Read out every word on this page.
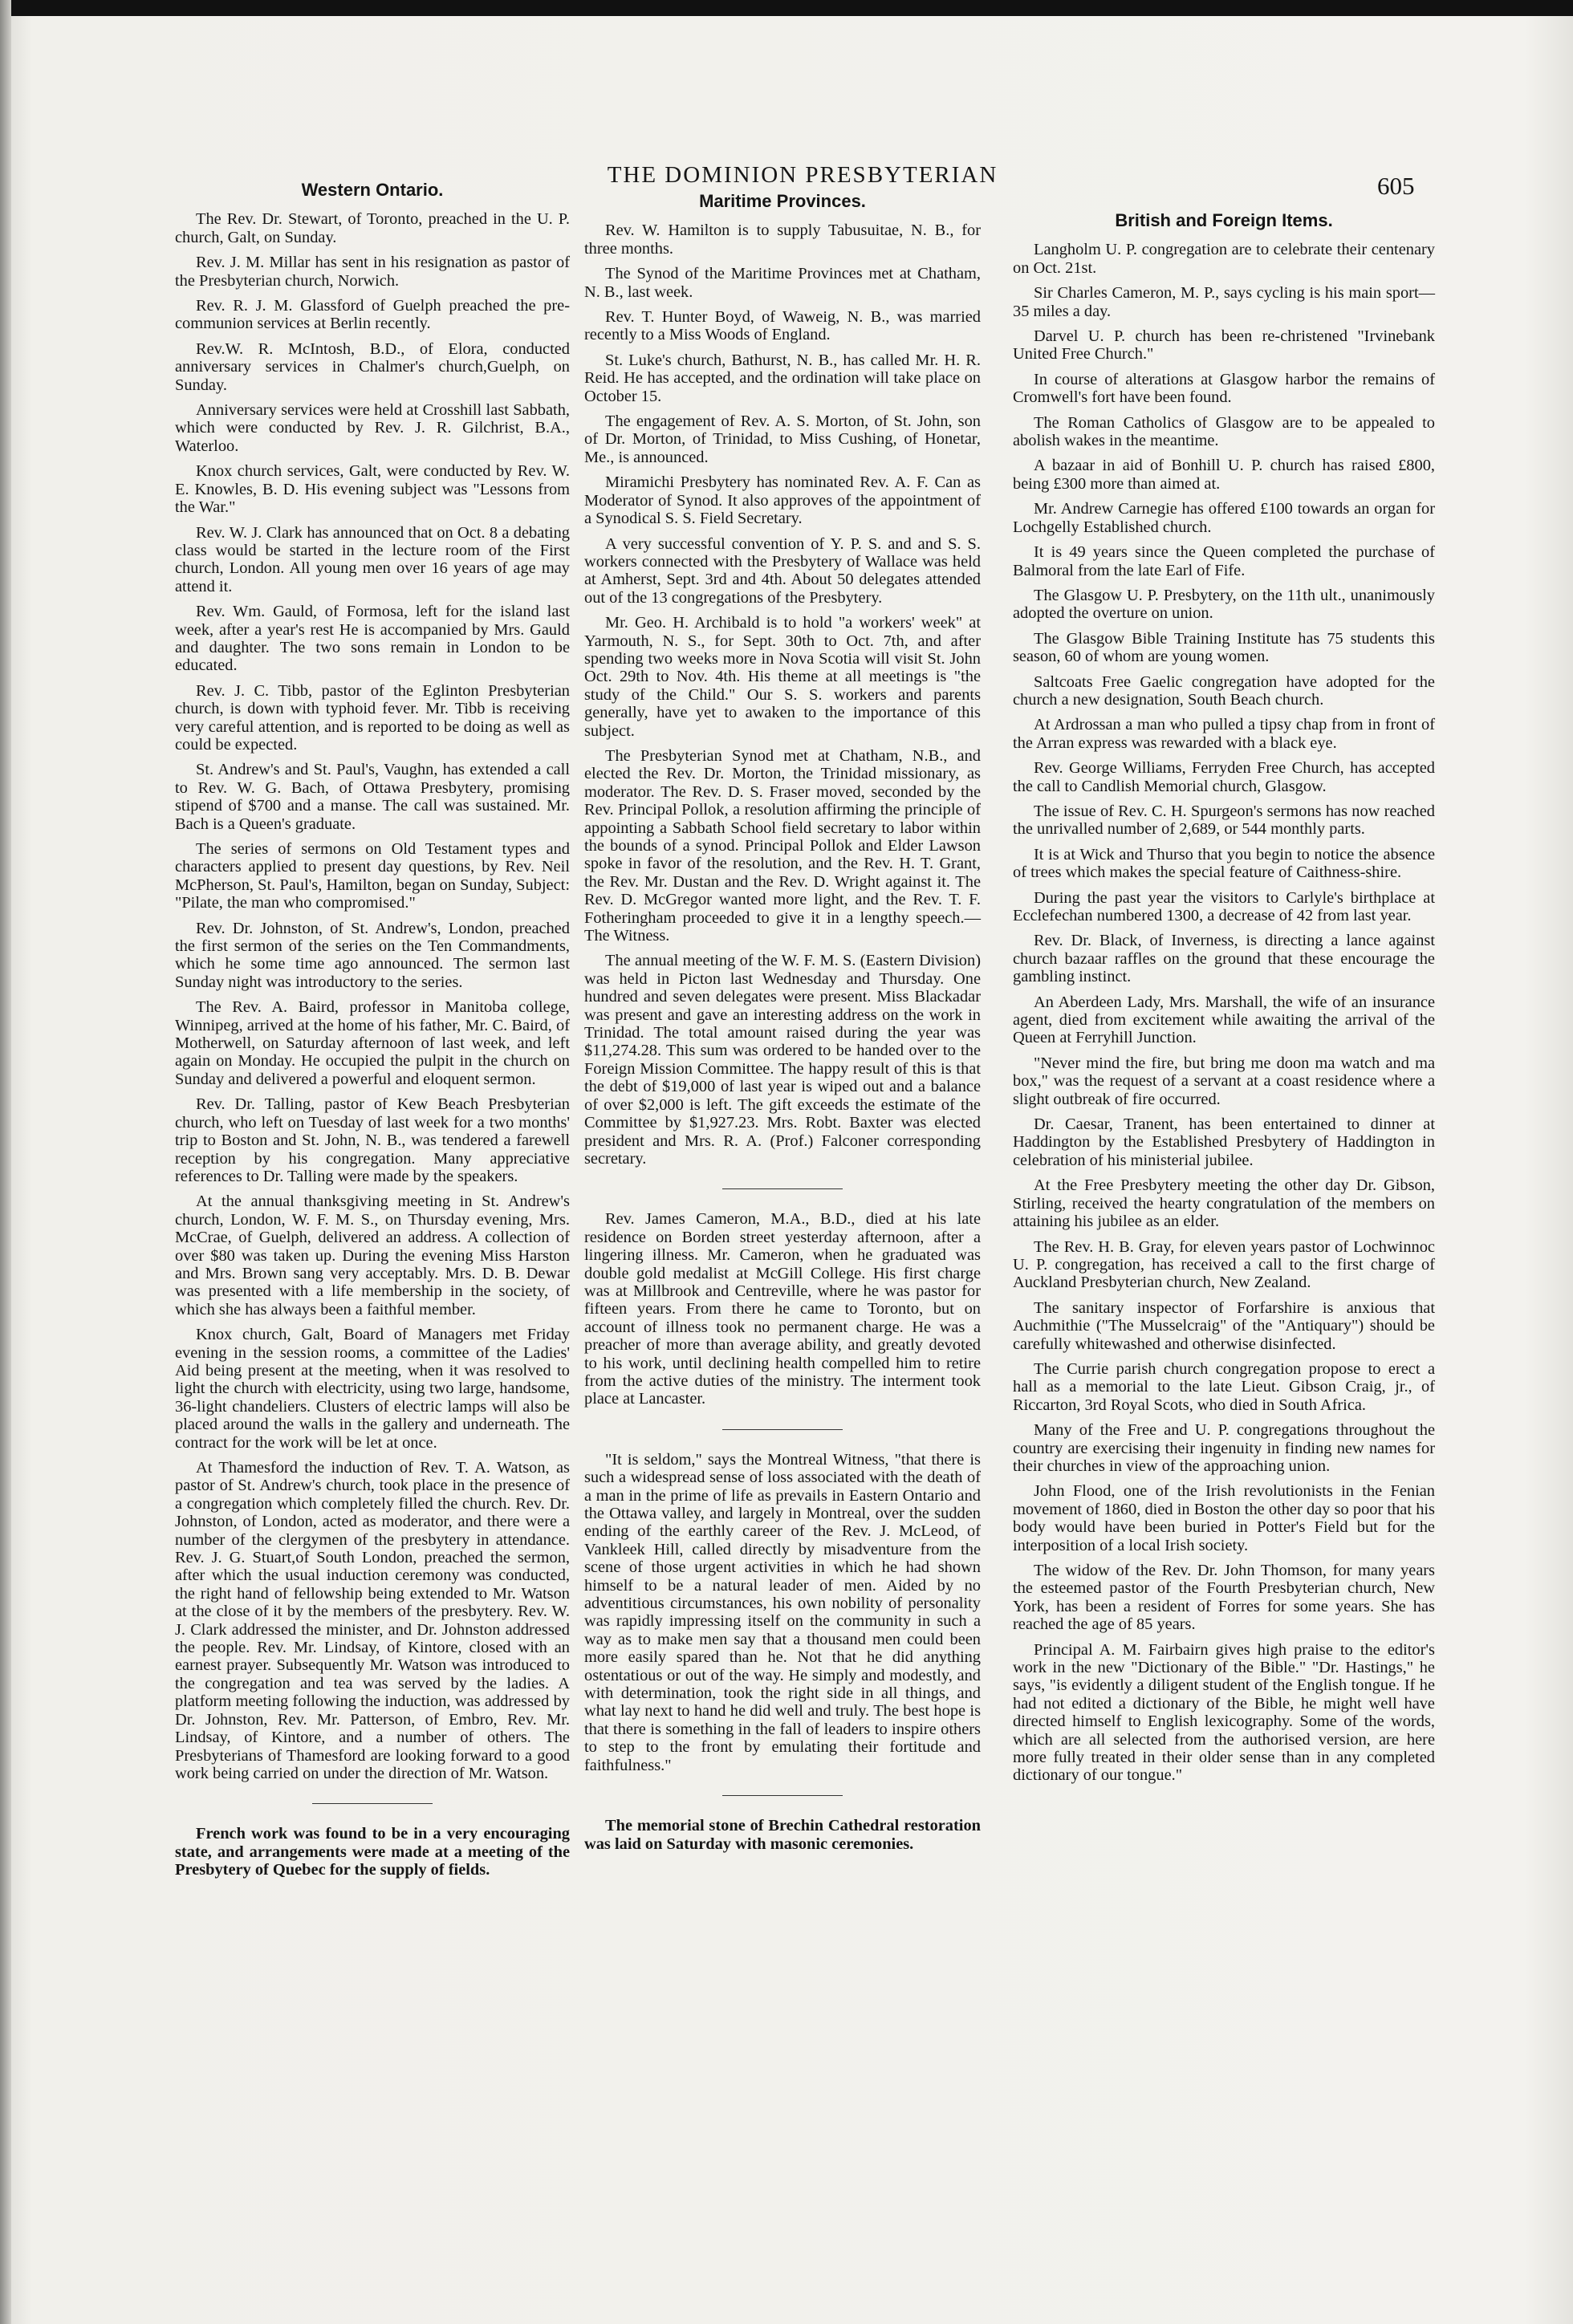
THE DOMINION PRESBYTERIAN	605
Western Ontario.

The Rev. Dr. Stewart, of Toronto, preached in the U. P. church, Galt, on Sunday.

Rev. J. M. Millar has sent in his resignation as pastor of the Presbyterian church, Norwich.

Rev. R. J. M. Glassford of Guelph preached the pre-communion services at Berlin recently.

Rev.W. R. McIntosh, B.D., of Elora, conducted anniversary services in Chalmer's church,Guelph, on Sunday.

Anniversary services were held at Crosshill last Sabbath, which were conducted by Rev. J. R. Gilchrist, B.A., Waterloo.

Knox church services, Galt, were conducted by Rev. W. E. Knowles, B. D. His evening subject was "Lessons from the War."

Rev. W. J. Clark has announced that on Oct. 8 a debating class would be started in the lecture room of the First church, London. All young men over 16 years of age may attend it.

Rev. Wm. Gauld, of Formosa, left for the island last week, after a year's rest He is accompanied by Mrs. Gauld and daughter. The two sons remain in London to be educated.

Rev. J. C. Tibb, pastor of the Eglinton Presbyterian church, is down with typhoid fever. Mr. Tibb is receiving very careful attention, and is reported to be doing as well as could be expected.

St. Andrew's and St. Paul's, Vaughn, has extended a call to Rev. W. G. Bach, of Ottawa Presbytery, promising stipend of $700 and a manse. The call was sustained. Mr. Bach is a Queen's graduate.

The series of sermons on Old Testament types and characters applied to present day questions, by Rev. Neil McPherson, St. Paul's, Hamilton, began on Sunday, Subject: "Pilate, the man who compromised."

Rev. Dr. Johnston, of St. Andrew's, London, preached the first sermon of the series on the Ten Commandments, which he some time ago announced. The sermon last Sunday night was introductory to the series.

The Rev. A. Baird, professor in Manitoba college, Winnipeg, arrived at the home of his father, Mr. C. Baird, of Motherwell, on Saturday afternoon of last week, and left again on Monday. He occupied the pulpit in the church on Sunday and delivered a powerful and eloquent sermon.

Rev. Dr. Talling, pastor of Kew Beach Presbyterian church, who left on Tuesday of last week for a two months' trip to Boston and St. John, N. B., was tendered a farewell reception by his congregation. Many appreciative references to Dr. Talling were made by the speakers.

At the annual thanksgiving meeting in St. Andrew's church, London, W. F. M. S., on Thursday evening, Mrs. McCrae, of Guelph, delivered an address. A collection of over $80 was taken up. During the evening Miss Harston and Mrs. Brown sang very acceptably. Mrs. D. B. Dewar was presented with a life membership in the society, of which she has always been a faithful member.

Knox church, Galt, Board of Managers met Friday evening in the session rooms, a committee of the Ladies' Aid being present at the meeting, when it was resolved to light the church with electricity, using two large, handsome, 36-light chandeliers. Clusters of electric lamps will also be placed around the walls in the gallery and underneath. The contract for the work will be let at once.

At Thamesford the induction of Rev. T. A. Watson, as pastor of St. Andrew's church, took place in the presence of a congregation which completely filled the church. Rev. Dr. Johnston, of London, acted as moderator, and there were a number of the clergymen of the presbytery in attendance. Rev. J. G. Stuart,of South London, preached the sermon, after which the usual induction ceremony was conducted, the right hand of fellowship being extended to Mr. Watson at the close of it by the members of the presbytery. Rev. W. J. Clark addressed the minister, and Dr. Johnston addressed the people. Rev. Mr. Lindsay, of Kintore, closed with an earnest prayer. Subsequently Mr. Watson was introduced to the congregation and tea was served by the ladies. A platform meeting following the induction, was addressed by Dr. Johnston, Rev. Mr. Patterson, of Embro, Rev. Mr. Lindsay, of Kintore, and a number of others. The Presbyterians of Thamesford are looking forward to a good work being carried on under the direction of Mr. Watson.

French work was found to be in a very encouraging state, and arrangements were made at a meeting of the Presbytery of Quebec for the supply of fields.

Maritime Provinces.

Rev. W. Hamilton is to supply Tabusuitae, N. B., for three months.

The Synod of the Maritime Provinces met at Chatham, N. B., last week.

Rev. T. Hunter Boyd, of Waweig, N. B., was married recently to a Miss Woods of England.

St. Luke's church, Bathurst, N. B., has called Mr. H. R. Reid. He has accepted, and the ordination will take place on October 15.

The engagement of Rev. A. S. Morton, of St. John, son of Dr. Morton, of Trinidad, to Miss Cushing, of Honetar, Me., is announced.

Miramichi Presbytery has nominated Rev. A. F. Can as Moderator of Synod. It also approves of the appointment of a Synodical S. S. Field Secretary.

A very successful convention of Y. P. S. and and S. S. workers connected with the Presbytery of Wallace was held at Amherst, Sept. 3rd and 4th. About 50 delegates attended out of the 13 congregations of the Presbytery.

Mr. Geo. H. Archibald is to hold "a workers' week" at Yarmouth, N. S., for Sept. 30th to Oct. 7th, and after spending two weeks more in Nova Scotia will visit St. John Oct. 29th to Nov. 4th. His theme at all meetings is "the study of the Child." Our S. S. workers and parents generally, have yet to awaken to the importance of this subject.

The Presbyterian Synod met at Chatham, N.B., and elected the Rev. Dr. Morton, the Trinidad missionary, as moderator. The Rev. D. S. Fraser moved, seconded by the Rev. Principal Pollok, a resolution affirming the principle of appointing a Sabbath School field secretary to labor within the bounds of a synod. Principal Pollok and Elder Lawson spoke in favor of the resolution, and the Rev. H. T. Grant, the Rev. Mr. Dustan and the Rev. D. Wright against it. The Rev. D. McGregor wanted more light, and the Rev. T. F. Fotheringham proceeded to give it in a lengthy speech.—The Witness.

The annual meeting of the W. F. M. S. (Eastern Division) was held in Picton last Wednesday and Thursday. One hundred and seven delegates were present. Miss Blackadar was present and gave an interesting address on the work in Trinidad. The total amount raised during the year was $11,274.28. This sum was ordered to be handed over to the Foreign Mission Committee. The happy result of this is that the debt of $19,000 of last year is wiped out and a balance of over $2,000 is left. The gift exceeds the estimate of the Committee by $1,927.23. Mrs. Robt. Baxter was elected president and Mrs. R. A. (Prof.) Falconer corresponding secretary.

Rev. James Cameron, M.A., B.D., died at his late residence on Borden street yesterday afternoon, after a lingering illness. Mr. Cameron, when he graduated was double gold medalist at McGill College. His first charge was at Millbrook and Centreville, where he was pastor for fifteen years. From there he came to Toronto, but on account of illness took no permanent charge. He was a preacher of more than average ability, and greatly devoted to his work, until declining health compelled him to retire from the active duties of the ministry. The interment took place at Lancaster.

"It is seldom," says the Montreal Witness, "that there is such a widespread sense of loss associated with the death of a man in the prime of life as prevails in Eastern Ontario and the Ottawa valley, and largely in Montreal, over the sudden ending of the earthly career of the Rev. J. McLeod, of Vankleek Hill, called directly by misadventure from the scene of those urgent activities in which he had shown himself to be a natural leader of men. Aided by no adventitious circumstances, his own nobility of personality was rapidly impressing itself on the community in such a way as to make men say that a thousand men could been more easily spared than he. Not that he did anything ostentatious or out of the way. He simply and modestly, and with determination, took the right side in all things, and what lay next to hand he did well and truly. The best hope is that there is something in the fall of leaders to inspire others to step to the front by emulating their fortitude and faithfulness."

The memorial stone of Brechin Cathedral restoration was laid on Saturday with masonic ceremonies.

British and Foreign Items.

Langholm U. P. congregation are to celebrate their centenary on Oct. 21st.

Sir Charles Cameron, M. P., says cycling is his main sport—35 miles a day.

Darvel U. P. church has been re-christened "Irvinebank United Free Church."

In course of alterations at Glasgow harbor the remains of Cromwell's fort have been found.

The Roman Catholics of Glasgow are to be appealed to abolish wakes in the meantime.

A bazaar in aid of Bonhill U. P. church has raised £800, being £300 more than aimed at.

Mr. Andrew Carnegie has offered £100 towards an organ for Lochgelly Established church.

It is 49 years since the Queen completed the purchase of Balmoral from the late Earl of Fife.

The Glasgow U. P. Presbytery, on the 11th ult., unanimously adopted the overture on union.

The Glasgow Bible Training Institute has 75 students this season, 60 of whom are young women.

Saltcoats Free Gaelic congregation have adopted for the church a new designation, South Beach church.

At Ardrossan a man who pulled a tipsy chap from in front of the Arran express was rewarded with a black eye.

Rev. George Williams, Ferryden Free Church, has accepted the call to Candlish Memorial church, Glasgow.

The issue of Rev. C. H. Spurgeon's sermons has now reached the unrivalled number of 2,689, or 544 monthly parts.

It is at Wick and Thurso that you begin to notice the absence of trees which makes the special feature of Caithness-shire.

During the past year the visitors to Carlyle's birthplace at Ecclefechan numbered 1300, a decrease of 42 from last year.

Rev. Dr. Black, of Inverness, is directing a lance against church bazaar raffles on the ground that these encourage the gambling instinct.

An Aberdeen Lady, Mrs. Marshall, the wife of an insurance agent, died from excitement while awaiting the arrival of the Queen at Ferryhill Junction.

"Never mind the fire, but bring me doon ma watch and ma box," was the request of a servant at a coast residence where a slight outbreak of fire occurred.

Dr. Caesar, Tranent, has been entertained to dinner at Haddington by the Established Presbytery of Haddington in celebration of his ministerial jubilee.

At the Free Presbytery meeting the other day Dr. Gibson, Stirling, received the hearty congratulation of the members on attaining his jubilee as an elder.

The Rev. H. B. Gray, for eleven years pastor of Lochwinnoc U. P. congregation, has received a call to the first charge of Auckland Presbyterian church, New Zealand.

The sanitary inspector of Forfarshire is anxious that Auchmithie ("The Musselcraig" of the "Antiquary") should be carefully whitewashed and otherwise disinfected.

The Currie parish church congregation propose to erect a hall as a memorial to the late Lieut. Gibson Craig, jr., of Riccarton, 3rd Royal Scots, who died in South Africa.

Many of the Free and U. P. congregations throughout the country are exercising their ingenuity in finding new names for their churches in view of the approaching union.

John Flood, one of the Irish revolutionists in the Fenian movement of 1860, died in Boston the other day so poor that his body would have been buried in Potter's Field but for the interposition of a local Irish society.

The widow of the Rev. Dr. John Thomson, for many years the esteemed pastor of the Fourth Presbyterian church, New York, has been a resident of Forres for some years. She has reached the age of 85 years.

Principal A. M. Fairbairn gives high praise to the editor's work in the new "Dictionary of the Bible." "Dr. Hastings," he says, "is evidently a diligent student of the English tongue. If he had not edited a dictionary of the Bible, he might well have directed himself to English lexicography. Some of the words, which are all selected from the authorised version, are here more fully treated in their older sense than in any completed dictionary of our tongue."
